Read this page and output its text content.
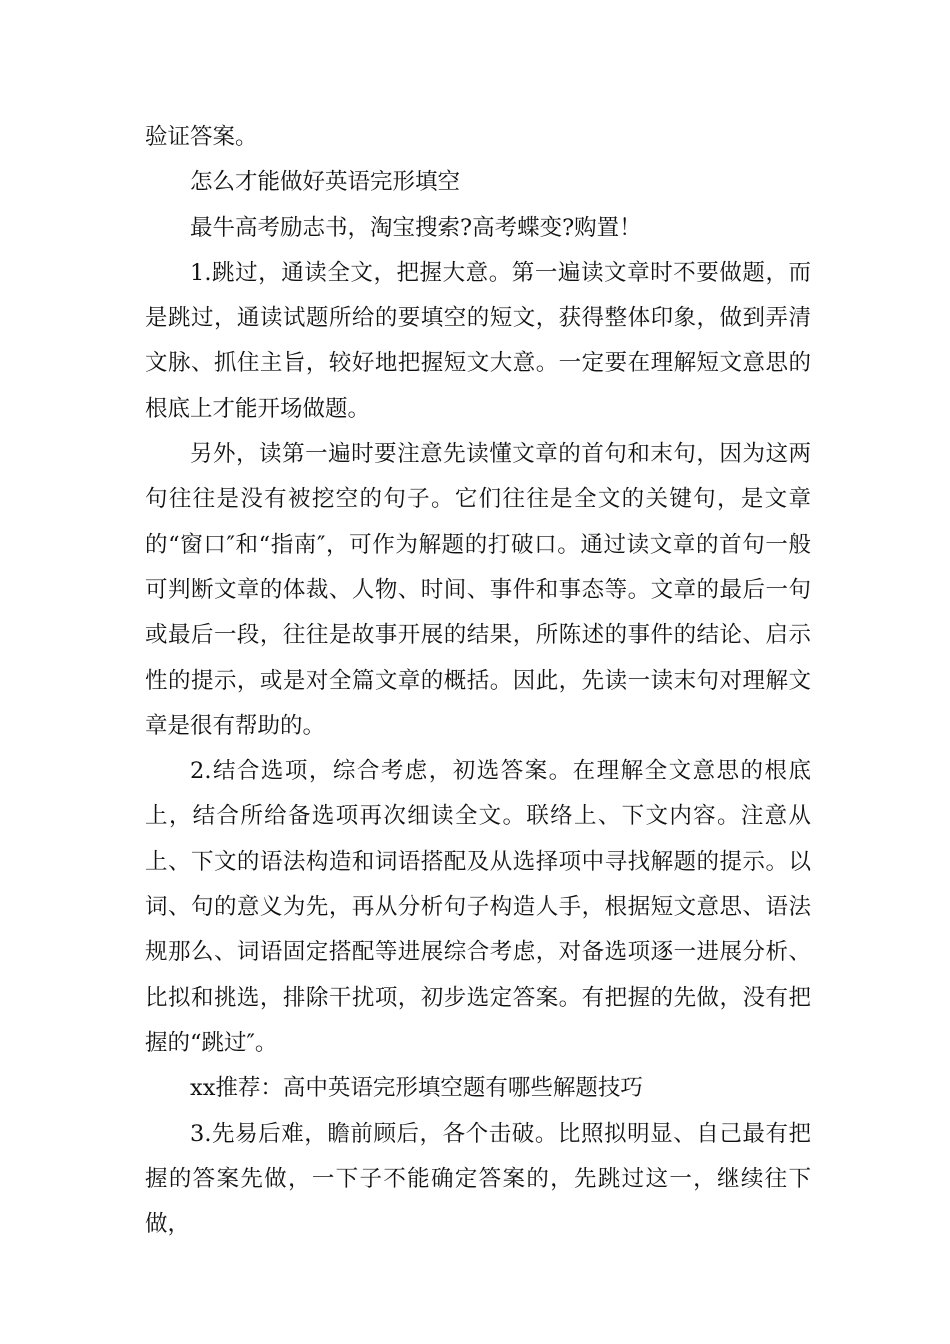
验证答案。

怎么才能做好英语完形填空

最牛高考励志书，淘宝搜索?高考蝶变?购置！

1.跳过，通读全文，把握大意。第一遍读文章时不要做题，而是跳过，通读试题所给的要填空的短文，获得整体印象，做到弄清文脉、抓住主旨，较好地把握短文大意。一定要在理解短文意思的根底上才能开场做题。

另外，读第一遍时要注意先读懂文章的首句和末句，因为这两句往往是没有被挖空的句子。它们往往是全文的关键句，是文章的“窗口″和“指南″，可作为解题的打破口。通过读文章的首句一般可判断文章的体裁、人物、时间、事件和事态等。文章的最后一句或最后一段，往往是故事开展的结果，所陈述的事件的结论、启示性的提示，或是对全篇文章的概括。因此，先读一读末句对理解文章是很有帮助的。

2.结合选项，综合考虑，初选答案。在理解全文意思的根底上，结合所给备选项再次细读全文。联络上、下文内容。注意从上、下文的语法构造和词语搭配及从选择项中寻找解题的提示。以词、句的意义为先，再从分析句子构造人手，根据短文意思、语法规那么、词语固定搭配等进展综合考虑，对备选项逐一进展分析、比拟和挑选，排除干扰项，初步选定答案。有把握的先做，没有把握的“跳过″。

xx推荐：高中英语完形填空题有哪些解题技巧

3.先易后难，瞻前顾后，各个击破。比照拟明显、自己最有把握的答案先做，一下子不能确定答案的，先跳过这一，继续往下做，
